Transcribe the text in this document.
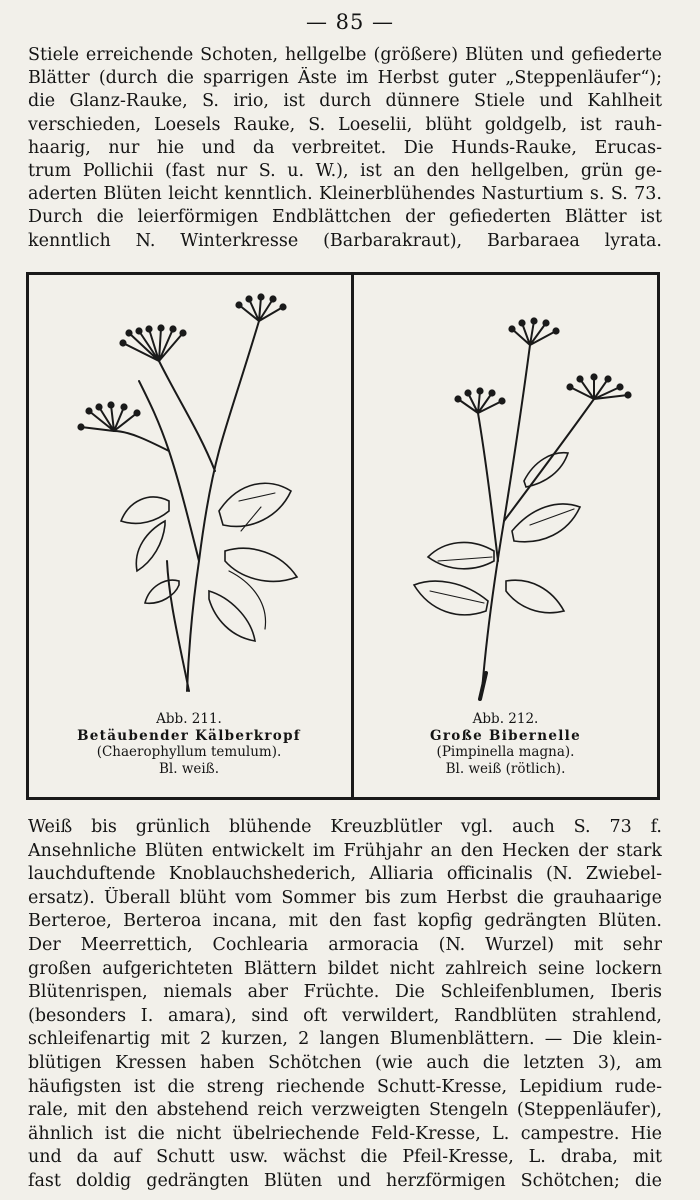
— 85 —
Stiele erreichende Schoten, hellgelbe (größere) Blüten und gefiederte
Blätter (durch die sparrigen Äste im Herbst guter „Steppenläufer“);
die Glanz-Rauke, S. irio, ist durch dünnere Stiele und Kahlheit
verschieden, Loesels Rauke, S. Loeselii, blüht goldgelb, ist rauh-
haarig, nur hie und da verbreitet. Die Hunds-Rauke, Erucas-
trum Pollichii (fast nur S. u. W.), ist an den hellgelben, grün ge-
aderten Blüten leicht kenntlich. Kleinerblühendes Nasturtium s. S. 73.
Durch die leierförmigen Endblättchen der gefiederten Blätter ist
kenntlich N. Winterkresse (Barbarakraut), Barbaraea lyrata.
Abb. 211.
Betäubender Kälberkropf
(Chaerophyllum temulum).
Bl. weiß.
Abb. 212.
Große Bibernelle
(Pimpinella magna).
Bl. weiß (rötlich).
Weiß bis grünlich blühende Kreuzblütler vgl. auch S. 73 f.
Ansehnliche Blüten entwickelt im Frühjahr an den Hecken der stark
lauchduftende Knoblauchshederich, Alliaria officinalis (N. Zwiebel-
ersatz). Überall blüht vom Sommer bis zum Herbst die grauhaarige
Berteroe, Berteroa incana, mit den fast kopfig gedrängten Blüten.
Der Meerrettich, Cochlearia armoracia (N. Wurzel) mit sehr
großen aufgerichteten Blättern bildet nicht zahlreich seine lockern
Blütenrispen, niemals aber Früchte. Die Schleifenblumen, Iberis
(besonders I. amara), sind oft verwildert, Randblüten strahlend,
schleifenartig mit 2 kurzen, 2 langen Blumenblättern. — Die klein-
blütigen Kressen haben Schötchen (wie auch die letzten 3), am
häufigsten ist die streng riechende Schutt-Kresse, Lepidium rude-
rale, mit den abstehend reich verzweigten Stengeln (Steppenläufer),
ähnlich ist die nicht übelriechende Feld-Kresse, L. campestre. Hie
und da auf Schutt usw. wächst die Pfeil-Kresse, L. draba, mit
fast doldig gedrängten Blüten und herzförmigen Schötchen; die
